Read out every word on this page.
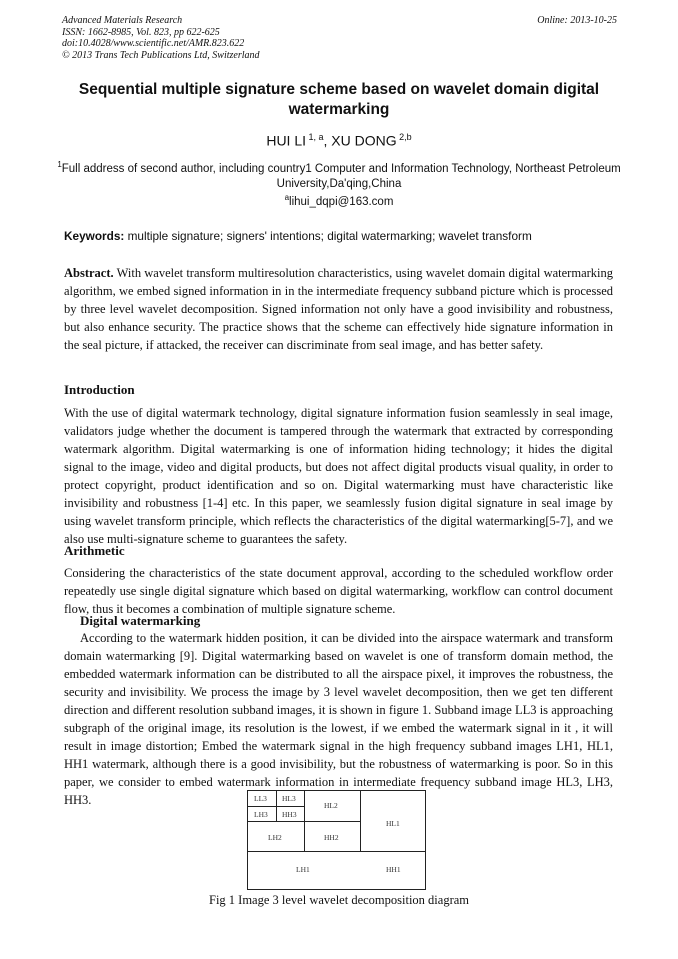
Advanced Materials Research
ISSN: 1662-8985, Vol. 823, pp 622-625
doi:10.4028/www.scientific.net/AMR.823.622
© 2013 Trans Tech Publications Ltd, Switzerland
Online: 2013-10-25
Sequential multiple signature scheme based on wavelet domain digital watermarking
HUI LI $^{1, a}$, XU DONG $^{2,b}$
$^1$Full address of second author, including country1 Computer and Information Technology, Northeast Petroleum University,Da'qing,China
$^a$lihui_dqpi@163.com
Keywords: multiple signature; signers' intentions; digital watermarking; wavelet transform
Abstract. With wavelet transform multiresolution characteristics, using wavelet domain digital watermarking algorithm, we embed signed information in in the intermediate frequency subband picture which is processed by three level wavelet decomposition. Signed information not only have a good invisibility and robustness, but also enhance security. The practice shows that the scheme can effectively hide signature information in the seal picture, if attacked, the receiver can discriminate from seal image, and has better safety.
Introduction
With the use of digital watermark technology, digital signature information fusion seamlessly in seal image, validators judge whether the document is tampered through the watermark that extracted by corresponding watermark algorithm. Digital watermarking is one of information hiding technology; it hides the digital signal to the image, video and digital products, but does not affect digital products visual quality, in order to protect copyright, product identification and so on. Digital watermarking must have characteristic like invisibility and robustness [1-4] etc. In this paper, we seamlessly fusion digital signature in seal image by using wavelet transform principle, which reflects the characteristics of the digital watermarking[5-7], and we also use multi-signature scheme to guarantees the safety.
Arithmetic
Considering the characteristics of the state document approval, according to the scheduled workflow order repeatedly use single digital signature which based on digital watermarking, workflow can control document flow, thus it becomes a combination of multiple signature scheme.
Digital watermarking
According to the watermark hidden position, it can be divided into the airspace watermark and transform domain watermarking [9]. Digital watermarking based on wavelet is one of transform domain method, the embedded watermark information can be distributed to all the airspace pixel, it improves the robustness, the security and invisibility. We process the image by 3 level wavelet decomposition, then we get ten different direction and different resolution subband images, it is shown in figure 1. Subband image LL3 is approaching subgraph of the original image, its resolution is the lowest, if we embed the watermark signal in it , it will result in image distortion; Embed the watermark signal in the high frequency subband images LH1, HL1, HH1 watermark, although there is a good invisibility, but the robustness of watermarking is poor. So in this paper, we consider to embed watermark information in intermediate frequency subband image HL3, LH3, HH3.	LL3 HL3
LH3 HH3
HL2
LH2	HH2
HL1
LH1	HH1
Fig 1 Image 3 level wavelet decomposition diagram
